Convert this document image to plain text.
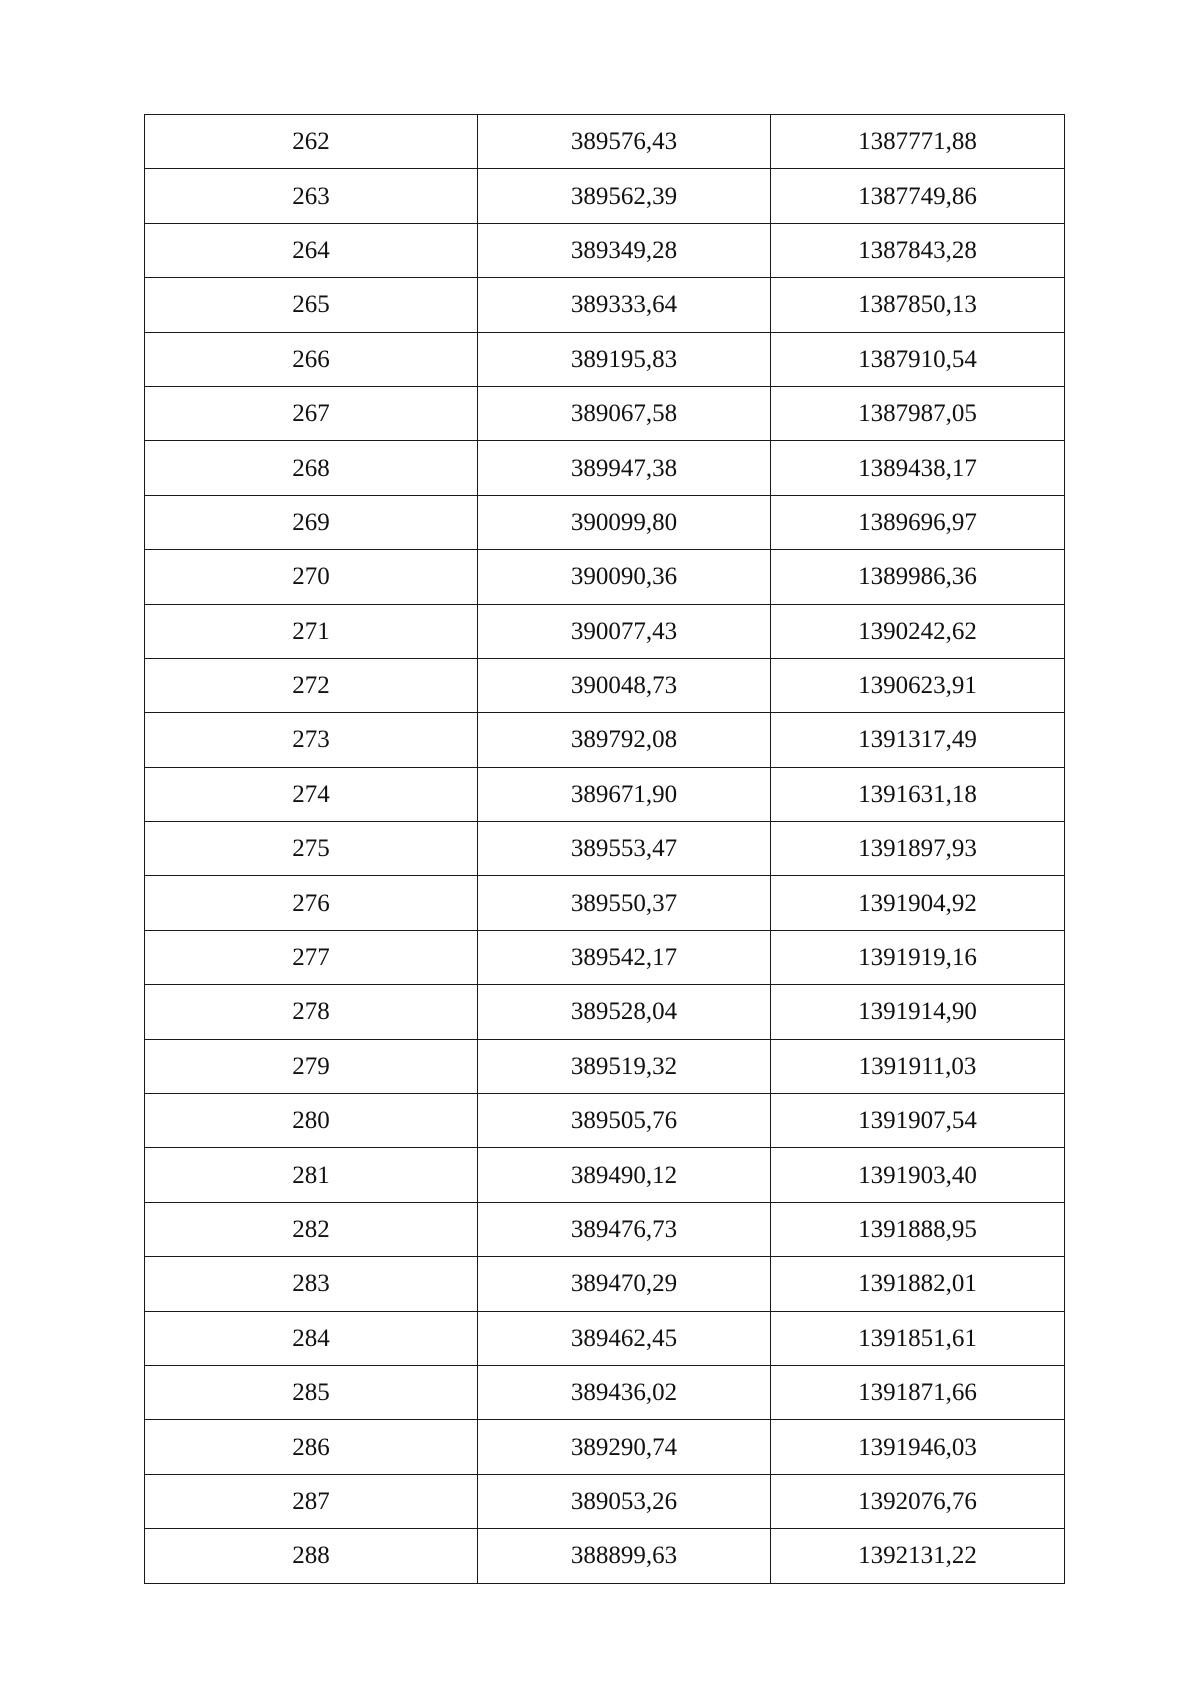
262	389576,43	1387771,88
263	389562,39	1387749,86
264	389349,28	1387843,28
265	389333,64	1387850,13
266	389195,83	1387910,54
267	389067,58	1387987,05
268	389947,38	1389438,17
269	390099,80	1389696,97
270	390090,36	1389986,36
271	390077,43	1390242,62
272	390048,73	1390623,91
273	389792,08	1391317,49
274	389671,90	1391631,18
275	389553,47	1391897,93
276	389550,37	1391904,92
277	389542,17	1391919,16
278	389528,04	1391914,90
279	389519,32	1391911,03
280	389505,76	1391907,54
281	389490,12	1391903,40
282	389476,73	1391888,95
283	389470,29	1391882,01
284	389462,45	1391851,61
285	389436,02	1391871,66
286	389290,74	1391946,03
287	389053,26	1392076,76
288	388899,63	1392131,22
